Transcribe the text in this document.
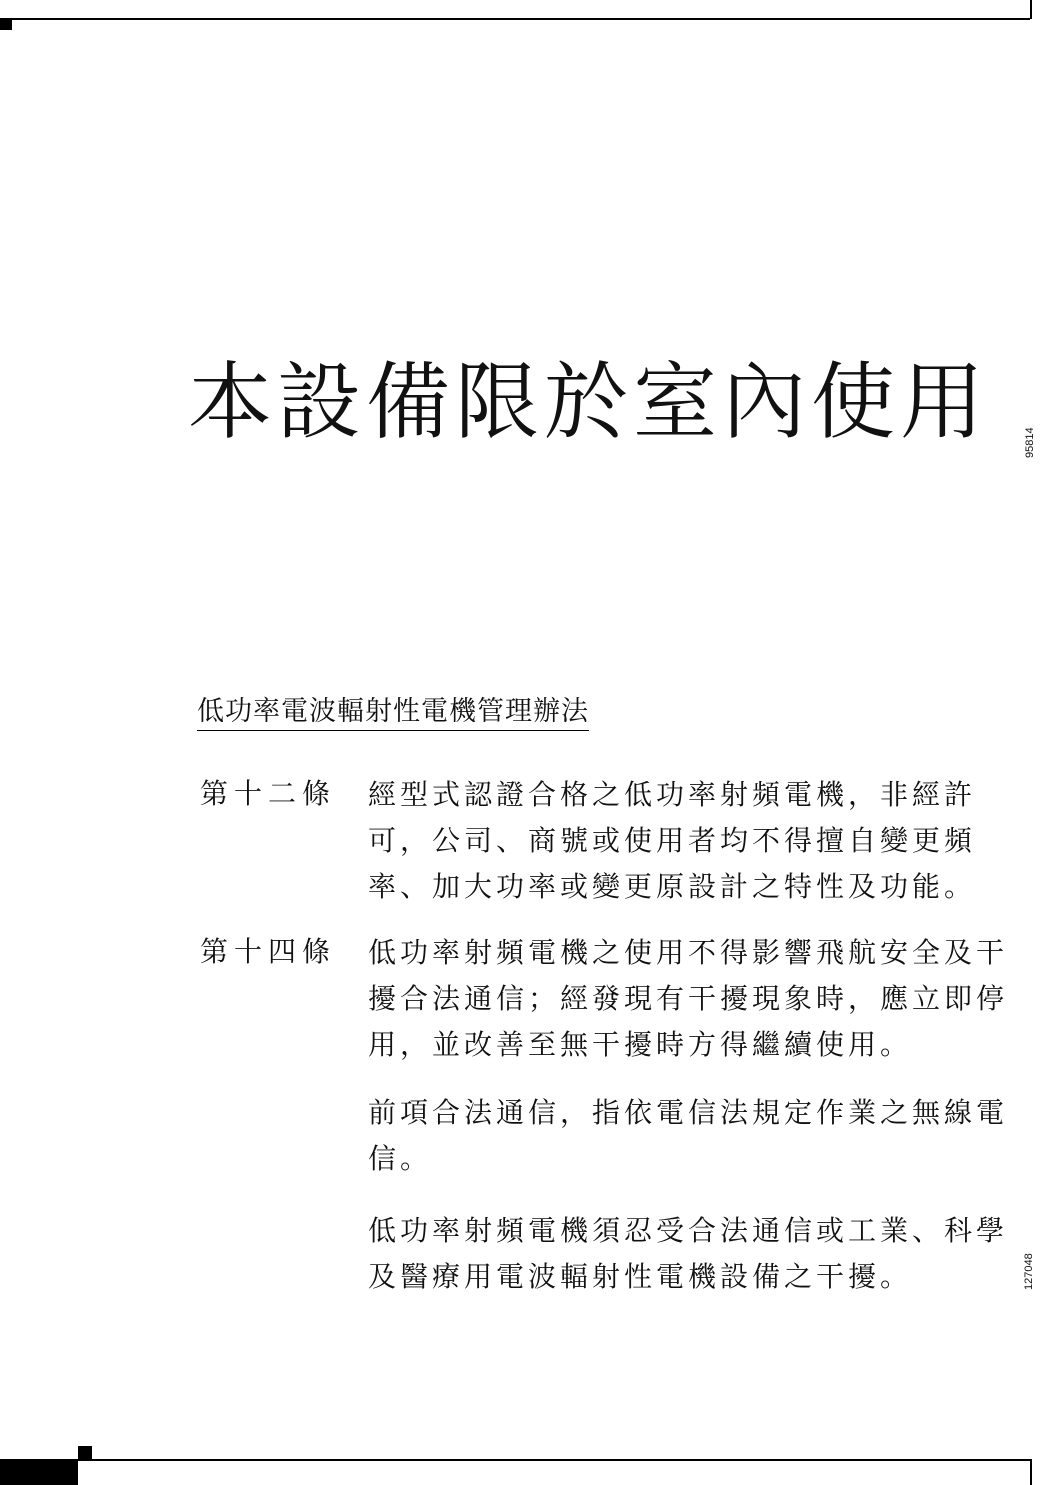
本設備限於室內使用	95814
低功率電波輻射性電機管理辦法
第十二條 經型式認證合格之低功率射頻電機，非經許可，公司、商號或使用者均不得擅自變更頻率、加大功率或變更原設計之特性及功能。
第十四條 低功率射頻電機之使用不得影響飛航安全及干擾合法通信；經發現有干擾現象時，應立即停用，並改善至無干擾時方得繼續使用。
前項合法通信，指依電信法規定作業之無線電信。
低功率射頻電機須忍受合法通信或工業、科學及醫療用電波輻射性電機設備之干擾。	127048
